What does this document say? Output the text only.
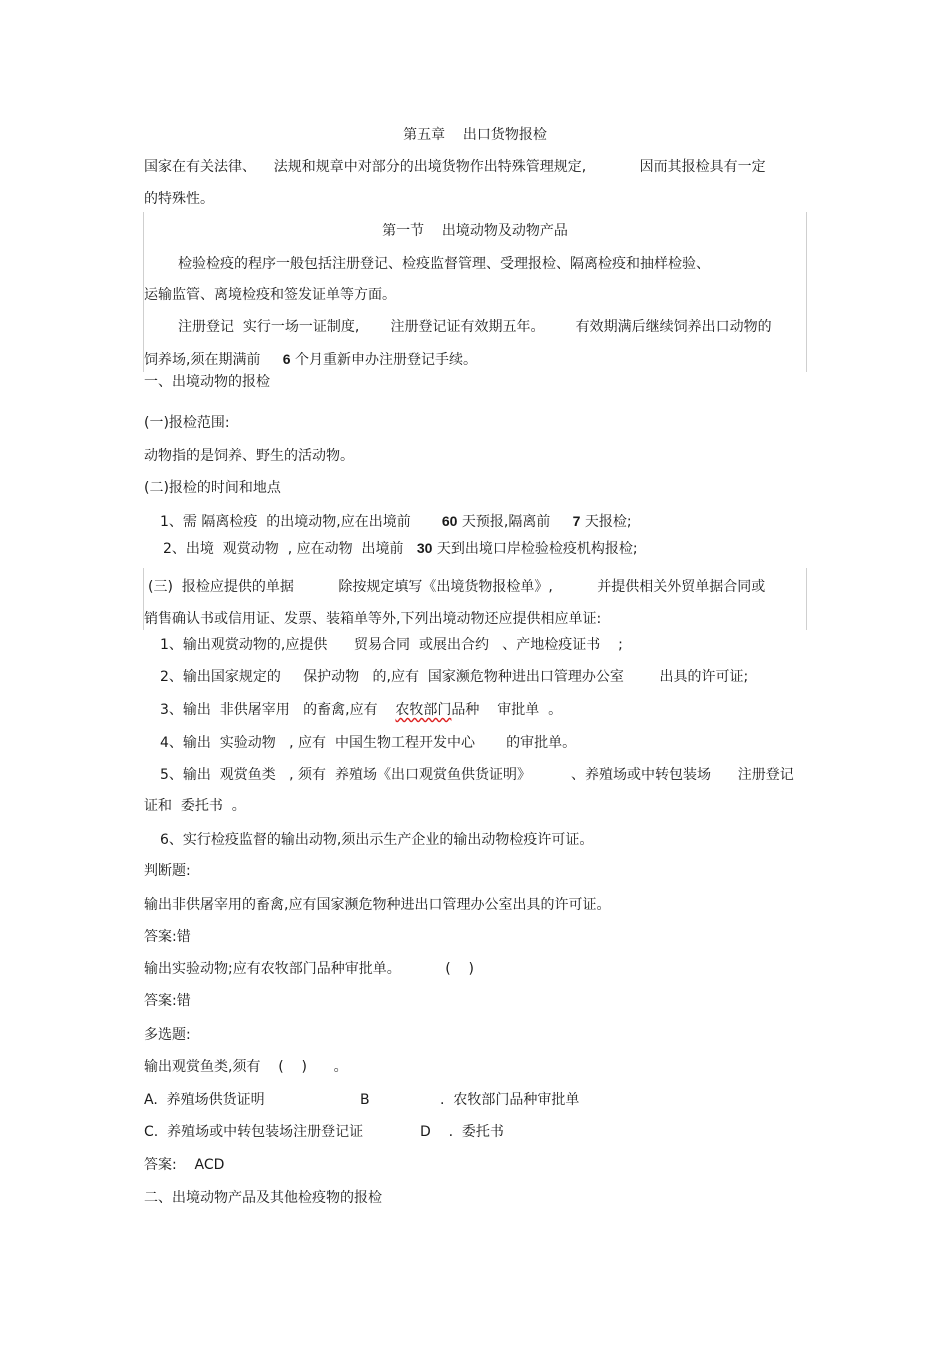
第五章    出口货物报检
国家在有关法律、    法规和规章中对部分的出境货物作出特殊管理规定,            因而其报检具有一定
的特殊性。
第一节    出境动物及动物产品
检验检疫的程序一般包括注册登记、检疫监督管理、受理报检、隔离检疫和抽样检验、
运输监管、离境检疫和签发证单等方面。
注册登记  实行一场一证制度,       注册登记证有效期五年。       有效期满后继续饲养出口动物的
饲养场,须在期满前     6 个月重新申办注册登记手续。
一、出境动物的报检
(一)报检范围:
动物指的是饲养、野生的活动物。
(二)报检的时间和地点
1、需 隔离检疫  的出境动物,应在出境前       60 天预报,隔离前     7 天报检;
2、出境  观赏动物  , 应在动物  出境前   30 天到出境口岸检验检疫机构报检;
(三)  报检应提供的单据          除按规定填写《出境货物报检单》,          并提供相关外贸单据合同或
销售确认书或信用证、发票、装箱单等外,下列出境动物还应提供相应单证:
1、输出观赏动物的,应提供      贸易合同  或展出合约   、产地检疫证书    ;
2、输出国家规定的     保护动物   的,应有  国家濒危物种进出口管理办公室        出具的许可证;
3、输出  非供屠宰用   的畜禽,应有    农牧部门品种    审批单  。
4、输出  实验动物   , 应有  中国生物工程开发中心       的审批单。
5、输出  观赏鱼类   , 须有  养殖场《出口观赏鱼供货证明》         、养殖场或中转包装场      注册登记
证和  委托书  。
6、实行检疫监督的输出动物,须出示生产企业的输出动物检疫许可证。
判断题:
输出非供屠宰用的畜禽,应有国家濒危物种进出口管理办公室出具的许可证。
答案:错
输出实验动物;应有农牧部门品种审批单。          (    )
答案:错
多选题:
输出观赏鱼类,须有    (    )      。
A.  养殖场供货证明	B	.  农牧部门品种审批单
C.  养殖场或中转包装场注册登记证	D    .  委托书
答案:    ACD
二、出境动物产品及其他检疫物的报检
